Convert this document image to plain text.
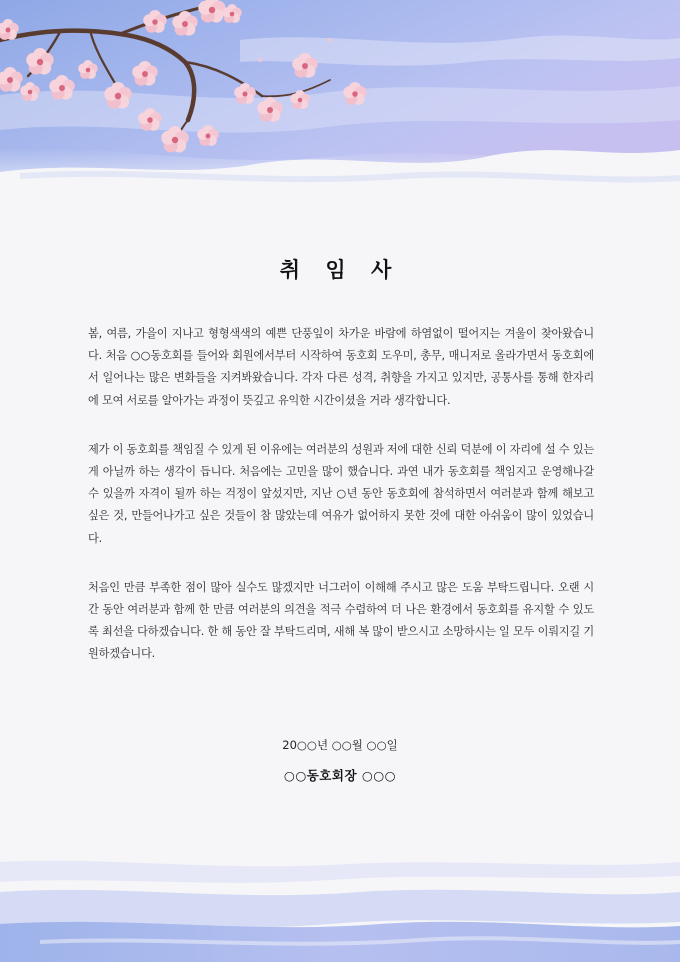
취 임 사

봄, 여름, 가을이 지나고 형형색색의 예쁜 단풍잎이 차가운 바람에 하염없이 떨어지는 겨울이 찾아왔습니다. 처음 ○○동호회를 들어와 회원에서부터 시작하여 동호회 도우미, 총무, 매니저로 올라가면서 동호회에서 일어나는 많은 변화들을 지켜봐왔습니다. 각자 다른 성격, 취향을 가지고 있지만, 공통사를 통해 한자리에 모여 서로를 알아가는 과정이 뜻깊고 유익한 시간이셨을 거라 생각합니다.

제가 이 동호회를 책임질 수 있게 된 이유에는 여러분의 성원과 저에 대한 신뢰 덕분에 이 자리에 설 수 있는 게 아닐까 하는 생각이 듭니다. 처음에는 고민을 많이 했습니다. 과연 내가 동호회를 책임지고 운영해나갈 수 있을까 자격이 될까 하는 걱정이 앞섰지만, 지난 ○년 동안 동호회에 참석하면서 여러분과 함께 해보고 싶은 것, 만들어나가고 싶은 것들이 참 많았는데 여유가 없어하지 못한 것에 대한 아쉬움이 많이 있었습니다.

처음인 만큼 부족한 점이 많아 실수도 많겠지만 너그러이 이해해 주시고 많은 도움 부탁드립니다. 오랜 시간 동안 여러분과 함께 한 만큼 여러분의 의견을 적극 수렴하여 더 나은 환경에서 동호회를 유지할 수 있도록 최선을 다하겠습니다. 한 해 동안 잘 부탁드리며, 새해 복 많이 받으시고 소망하시는 일 모두 이뤄지길 기원하겠습니다.

20○○년 ○○월 ○○일
○○동호회장 ○○○
